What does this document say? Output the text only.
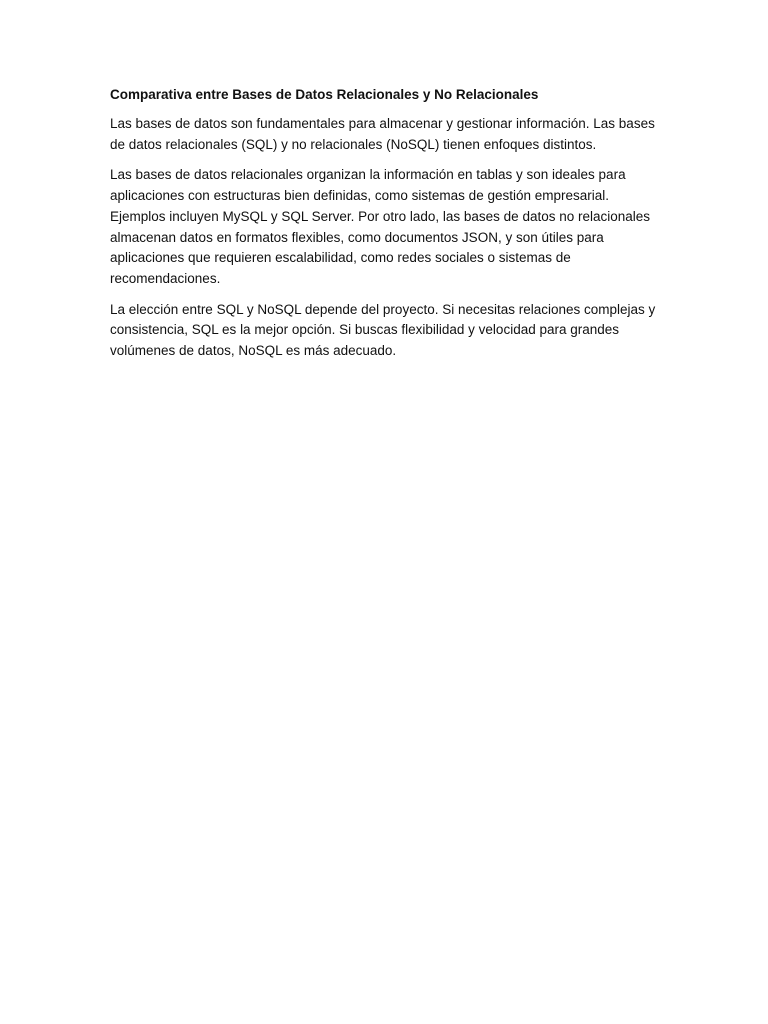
Comparativa entre Bases de Datos Relacionales y No Relacionales

Las bases de datos son fundamentales para almacenar y gestionar información. Las bases de datos relacionales (SQL) y no relacionales (NoSQL) tienen enfoques distintos.

Las bases de datos relacionales organizan la información en tablas y son ideales para aplicaciones con estructuras bien definidas, como sistemas de gestión empresarial. Ejemplos incluyen MySQL y SQL Server. Por otro lado, las bases de datos no relacionales almacenan datos en formatos flexibles, como documentos JSON, y son útiles para aplicaciones que requieren escalabilidad, como redes sociales o sistemas de recomendaciones.

La elección entre SQL y NoSQL depende del proyecto. Si necesitas relaciones complejas y consistencia, SQL es la mejor opción. Si buscas flexibilidad y velocidad para grandes volúmenes de datos, NoSQL es más adecuado.
